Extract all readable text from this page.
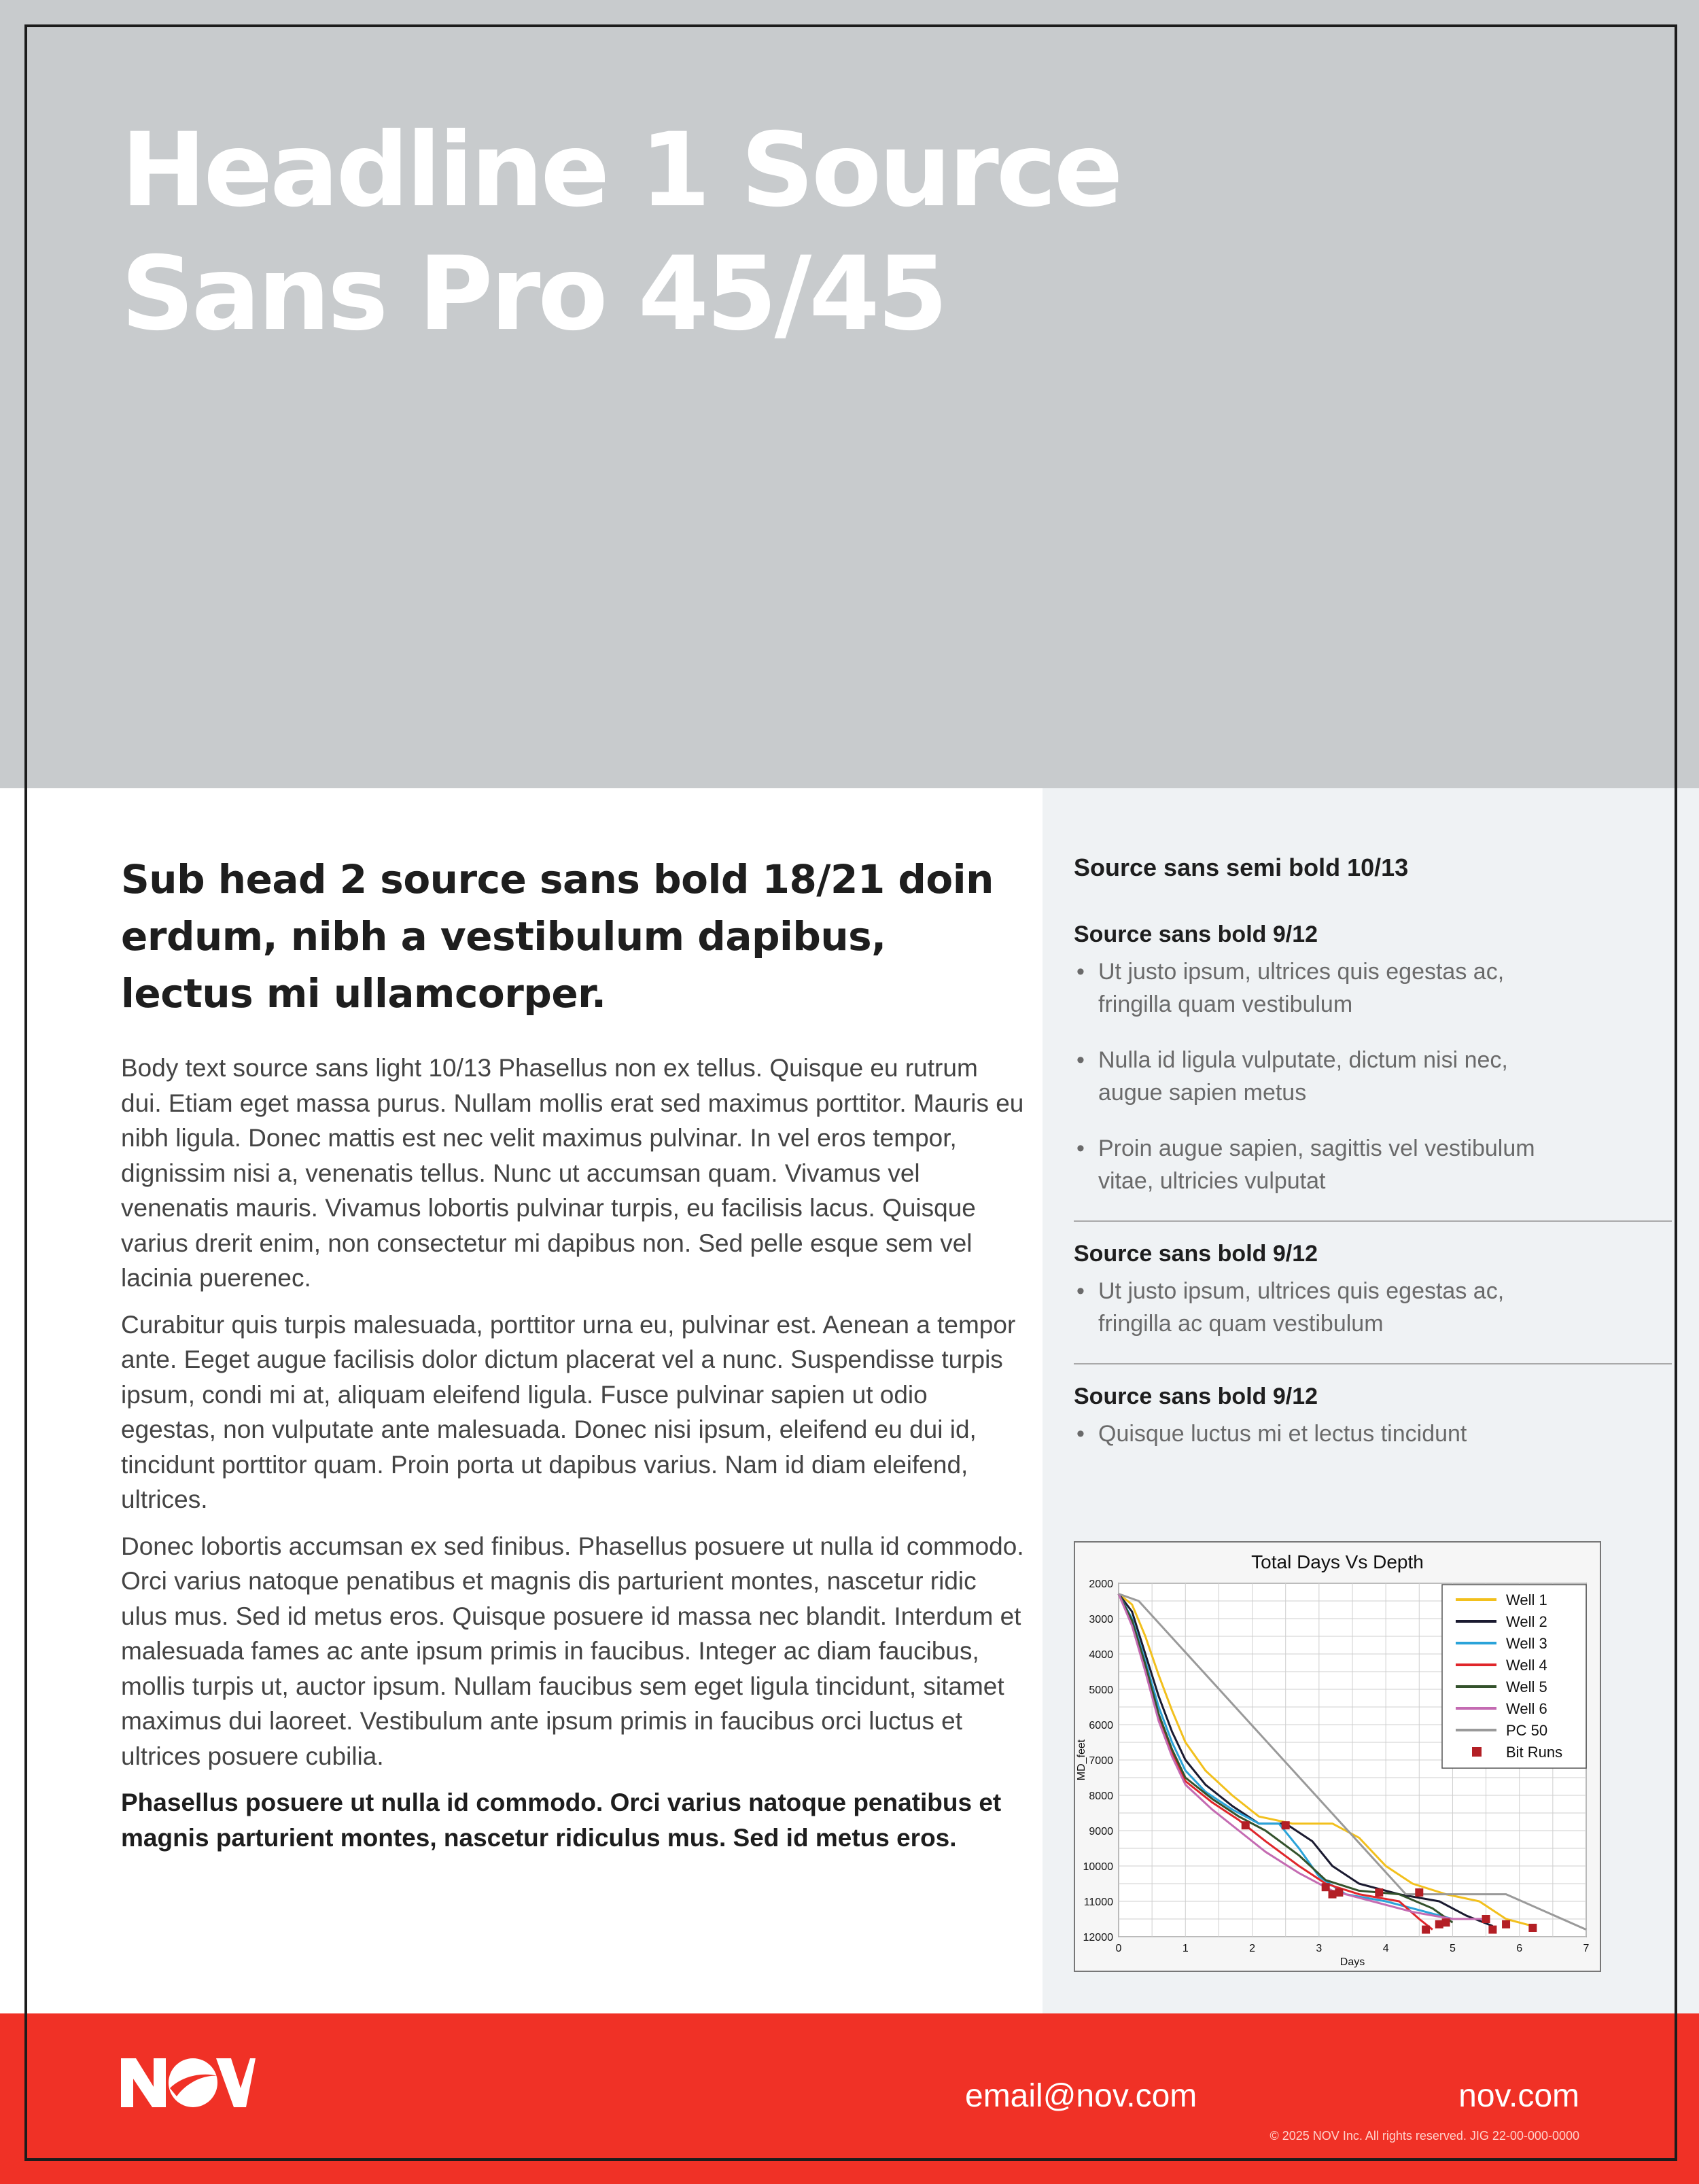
Headline 1 Source
Sans Pro 45/45
Sub head 2 source sans bold 18/21 doin erdum, nibh a vestibulum dapibus, lectus mi ullamcorper.

Body text source sans light 10/13 Phasellus non ex tellus. Quisque eu rutrum dui. Etiam eget massa purus. Nullam mollis erat sed maximus porttitor. Mauris eu nibh ligula. Donec mattis est nec velit maximus pulvinar. In vel eros tempor, dignissim nisi a, venenatis tellus. Nunc ut accumsan quam. Vivamus vel venenatis mauris. Vivamus lobortis pulvinar turpis, eu facilisis lacus. Quisque varius drerit enim, non consectetur mi dapibus non. Sed pelle esque sem vel lacinia puerenec.

Curabitur quis turpis malesuada, porttitor urna eu, pulvinar est. Aenean a tempor ante. Eeget augue facilisis dolor dictum placerat vel a nunc. Suspendisse turpis ipsum, condi mi at, aliquam eleifend ligula. Fusce pulvinar sapien ut odio egestas, non vulputate ante malesuada. Donec nisi ipsum, eleifend eu dui id, tincidunt porttitor quam. Proin porta ut dapibus varius. Nam id diam eleifend, ultrices.

Donec lobortis accumsan ex sed finibus. Phasellus posuere ut nulla id commodo. Orci varius natoque penatibus et magnis dis parturient montes, nascetur ridic ulus mus. Sed id metus eros. Quisque posuere id massa nec blandit. Interdum et malesuada fames ac ante ipsum primis in faucibus. Integer ac diam faucibus, mollis turpis ut, auctor ipsum. Nullam faucibus sem eget ligula tincidunt, sitamet maximus dui laoreet. Vestibulum ante ipsum primis in faucibus orci luctus et ultrices posuere cubilia.

Phasellus posuere ut nulla id commodo. Orci varius natoque penatibus et magnis parturient montes, nascetur ridiculus mus. Sed id metus eros.

Source sans semi bold 10/13
Source sans bold 9/12
• Ut justo ipsum, ultrices quis egestas ac, fringilla quam vestibulum
• Nulla id ligula vulputate, dictum nisi nec, augue sapien metus
• Proin augue sapien, sagittis vel vestibulum vitae, ultricies vulputat
Source sans bold 9/12
• Ut justo ipsum, ultrices quis egestas ac, fringilla ac quam vestibulum
Source sans bold 9/12
• Quisque luctus mi et lectus tincidunt
Total Days Vs Depth
0	1	2	3	4	5	6	7
2000
3000
4000
5000
6000
7000
8000
9000
10000
11000
12000
Days
MD_feet
Well 1
Well 2
Well 3
Well 4
Well 5
Well 6
PC 50
Bit Runs
email@nov.com	nov.com
© 2025 NOV Inc. All rights reserved. JIG 22-00-000-0000
